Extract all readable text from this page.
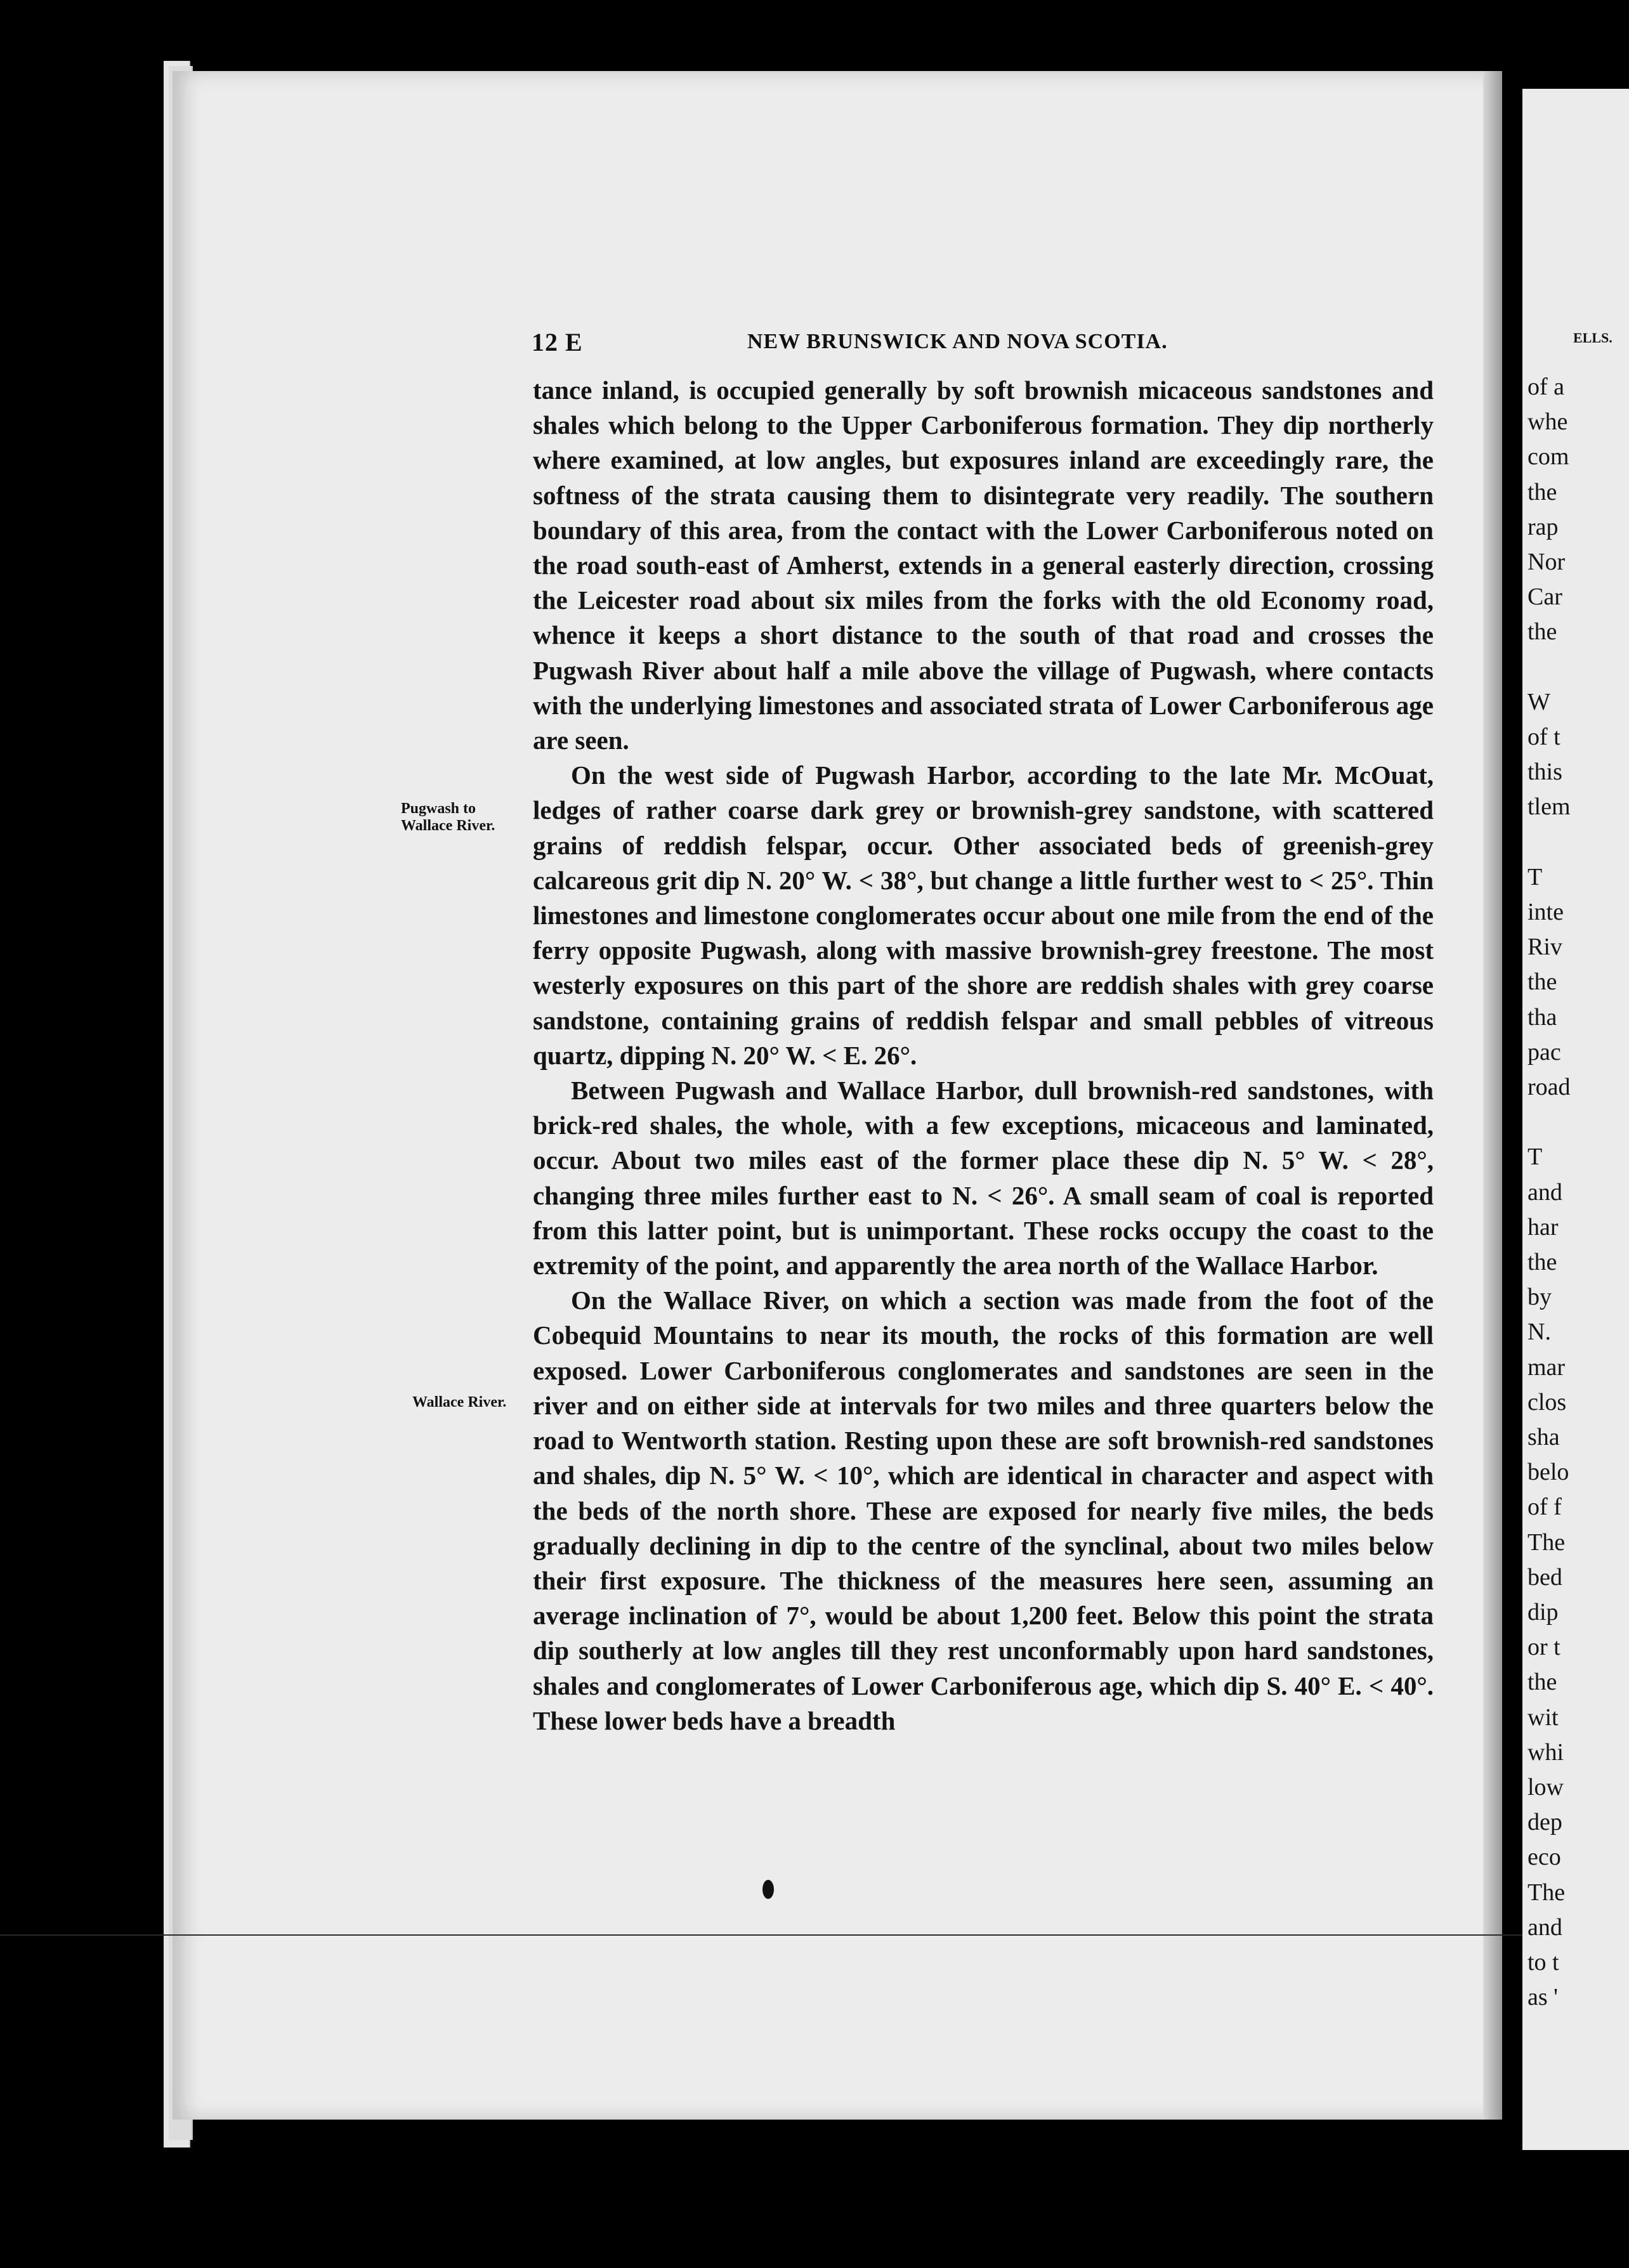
of a
whe
com
the
rap
Nor
Car
the
W
of t
this
tlem
T
inte
Riv
the
tha
pac
road
T
and
har
the
by
N.
mar
clos
sha
belo
of f
The
bed
dip
or t
the
wit
whi
low
dep
eco
The
and
to t
as '
12 E	NEW BRUNSWICK AND NOVA SCOTIA.	ELLS.
Pugwash to Wallace River.
Wallace River.

tance inland, is occupied generally by soft brownish micaceous sandstones and shales which belong to the Upper Carboniferous formation. They dip northerly where examined, at low angles, but exposures inland are exceedingly rare, the softness of the strata causing them to disintegrate very readily. The southern boundary of this area, from the contact with the Lower Carboniferous noted on the road south-east of Amherst, extends in a general easterly direction, crossing the Leicester road about six miles from the forks with the old Economy road, whence it keeps a short distance to the south of that road and crosses the Pugwash River about half a mile above the village of Pugwash, where contacts with the underlying limestones and associated strata of Lower Carboniferous age are seen.

On the west side of Pugwash Harbor, according to the late Mr. McOuat, ledges of rather coarse dark grey or brownish-grey sandstone, with scattered grains of reddish felspar, occur. Other associated beds of greenish-grey calcareous grit dip N. 20° W. < 38°, but change a little further west to < 25°. Thin limestones and limestone conglomerates occur about one mile from the end of the ferry opposite Pugwash, along with massive brownish-grey freestone. The most westerly exposures on this part of the shore are reddish shales with grey coarse sandstone, containing grains of reddish felspar and small pebbles of vitreous quartz, dipping N. 20° W. < E. 26°.

Between Pugwash and Wallace Harbor, dull brownish-red sandstones, with brick-red shales, the whole, with a few exceptions, micaceous and laminated, occur. About two miles east of the former place these dip N. 5° W. < 28°, changing three miles further east to N. < 26°. A small seam of coal is reported from this latter point, but is unimportant. These rocks occupy the coast to the extremity of the point, and apparently the area north of the Wallace Harbor.

On the Wallace River, on which a section was made from the foot of the Cobequid Mountains to near its mouth, the rocks of this formation are well exposed. Lower Carboniferous conglomerates and sandstones are seen in the river and on either side at intervals for two miles and three quarters below the road to Wentworth station. Resting upon these are soft brownish-red sandstones and shales, dip N. 5° W. < 10°, which are identical in character and aspect with the beds of the north shore. These are exposed for nearly five miles, the beds gradually declining in dip to the centre of the synclinal, about two miles below their first exposure. The thickness of the measures here seen, assuming an average inclination of 7°, would be about 1,200 feet. Below this point the strata dip southerly at low angles till they rest unconformably upon hard sandstones, shales and conglomerates of Lower Carboniferous age, which dip S. 40° E. < 40°. These lower beds have a breadth
